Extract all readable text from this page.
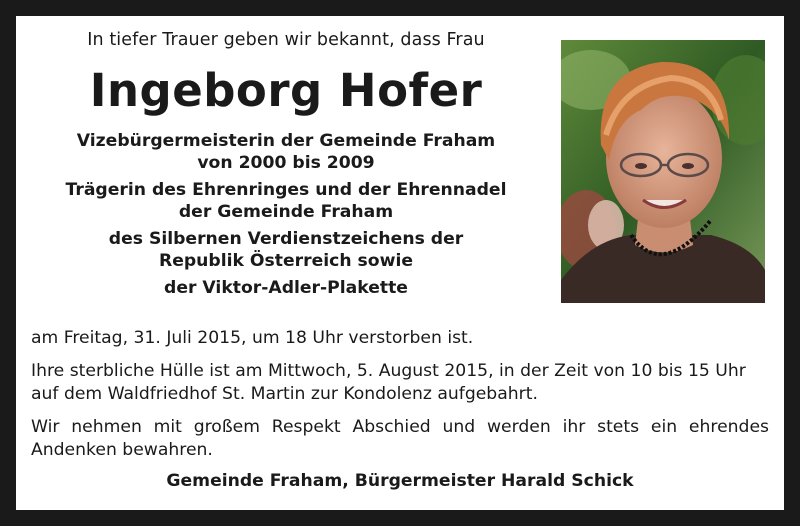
In tiefer Trauer geben wir bekannt, dass Frau
Ingeborg Hofer
Vizebürgermeisterin der Gemeinde Fraham
von 2000 bis 2009
Trägerin des Ehrenringes und der Ehrennadel
der Gemeinde Fraham
des Silbernen Verdienstzeichens der
Republik Österreich sowie
der Viktor-Adler-Plakette
am Freitag, 31. Juli 2015, um 18 Uhr verstorben ist.
Ihre sterbliche Hülle ist am Mittwoch, 5. August 2015, in der Zeit von 10 bis 15 Uhr
auf dem Waldfriedhof St. Martin zur Kondolenz aufgebahrt.
Wir nehmen mit großem Respekt Abschied und werden ihr stets ein ehrendes
Andenken bewahren.
Gemeinde Fraham, Bürgermeister Harald Schick
